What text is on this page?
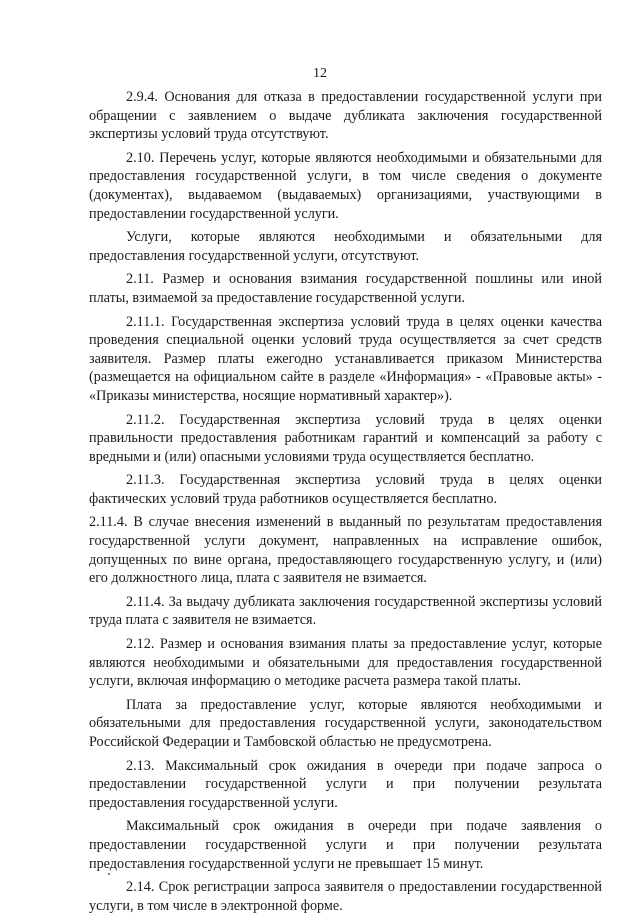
12

2.9.4. Основания для отказа в предоставлении государственной услуги при обращении с заявлением о выдаче дубликата заключения государственной экспертизы условий труда отсутствуют.

2.10. Перечень услуг, которые являются необходимыми и обязательными для предоставления государственной услуги, в том числе сведения о документе (документах), выдаваемом (выдаваемых) организациями, участвующими в предоставлении государственной услуги.

Услуги, которые являются необходимыми и обязательными для предоставления государственной услуги, отсутствуют.

2.11. Размер и основания взимания государственной пошлины или иной платы, взимаемой за предоставление государственной услуги.

2.11.1. Государственная экспертиза условий труда в целях оценки качества проведения специальной оценки условий труда осуществляется за счет средств заявителя. Размер платы ежегодно устанавливается приказом Министерства (размещается на официальном сайте в разделе «Информация» - «Правовые акты» - «Приказы министерства, носящие нормативный характер»).

2.11.2. Государственная экспертиза условий труда в целях оценки правильности предоставления работникам гарантий и компенсаций за работу с вредными и (или) опасными условиями труда осуществляется бесплатно.

2.11.3. Государственная экспертиза условий труда в целях оценки фактических условий труда работников осуществляется бесплатно.

2.11.4. В случае внесения изменений в выданный по результатам предоставления государственной услуги документ, направленных на исправление ошибок, допущенных по вине органа, предоставляющего государственную услугу, и (или) его должностного лица, плата с заявителя не взимается.

2.11.4. За выдачу дубликата заключения государственной экспертизы условий труда плата с заявителя не взимается.

2.12. Размер и основания взимания платы за предоставление услуг, которые являются необходимыми и обязательными для предоставления государственной услуги, включая информацию о методике расчета размера такой платы.

Плата за предоставление услуг, которые являются необходимыми и обязательными для предоставления государственной услуги, законодательством Российской Федерации и Тамбовской областью не предусмотрена.

2.13. Максимальный срок ожидания в очереди при подаче запроса о предоставлении государственной услуги и при получении результата предоставления государственной услуги.

Максимальный срок ожидания в очереди при подаче заявления о предоставлении государственной услуги и при получении результата предоставления государственной услуги не превышает 15 минут.

2.14. Срок регистрации запроса заявителя о предоставлении государственной услуги, в том числе в электронной форме.
